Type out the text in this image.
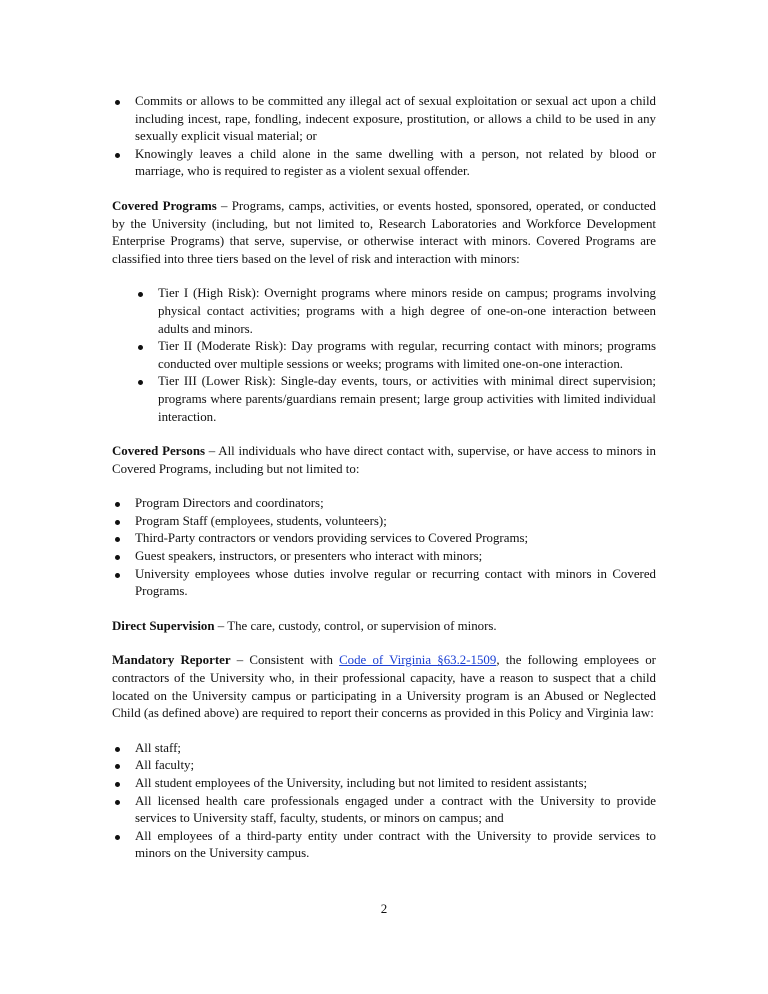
Commits or allows to be committed any illegal act of sexual exploitation or sexual act upon a child including incest, rape, fondling, indecent exposure, prostitution, or allows a child to be used in any sexually explicit visual material; or
Knowingly leaves a child alone in the same dwelling with a person, not related by blood or marriage, who is required to register as a violent sexual offender.

Covered Programs – Programs, camps, activities, or events hosted, sponsored, operated, or conducted by the University (including, but not limited to, Research Laboratories and Workforce Development Enterprise Programs) that serve, supervise, or otherwise interact with minors. Covered Programs are classified into three tiers based on the level of risk and interaction with minors:

Tier I (High Risk): Overnight programs where minors reside on campus; programs involving physical contact activities; programs with a high degree of one-on-one interaction between adults and minors.
Tier II (Moderate Risk): Day programs with regular, recurring contact with minors; programs conducted over multiple sessions or weeks; programs with limited one-on-one interaction.
Tier III (Lower Risk): Single-day events, tours, or activities with minimal direct supervision; programs where parents/guardians remain present; large group activities with limited individual interaction.

Covered Persons – All individuals who have direct contact with, supervise, or have access to minors in Covered Programs, including but not limited to:

Program Directors and coordinators;
Program Staff (employees, students, volunteers);
Third-Party contractors or vendors providing services to Covered Programs;
Guest speakers, instructors, or presenters who interact with minors;
University employees whose duties involve regular or recurring contact with minors in Covered Programs.

Direct Supervision – The care, custody, control, or supervision of minors.

Mandatory Reporter – Consistent with Code of Virginia §63.2-1509, the following employees or contractors of the University who, in their professional capacity, have a reason to suspect that a child located on the University campus or participating in a University program is an Abused or Neglected Child (as defined above) are required to report their concerns as provided in this Policy and Virginia law:

All staff;
All faculty;
All student employees of the University, including but not limited to resident assistants;
All licensed health care professionals engaged under a contract with the University to provide services to University staff, faculty, students, or minors on campus; and
All employees of a third-party entity under contract with the University to provide services to minors on the University campus.
2
